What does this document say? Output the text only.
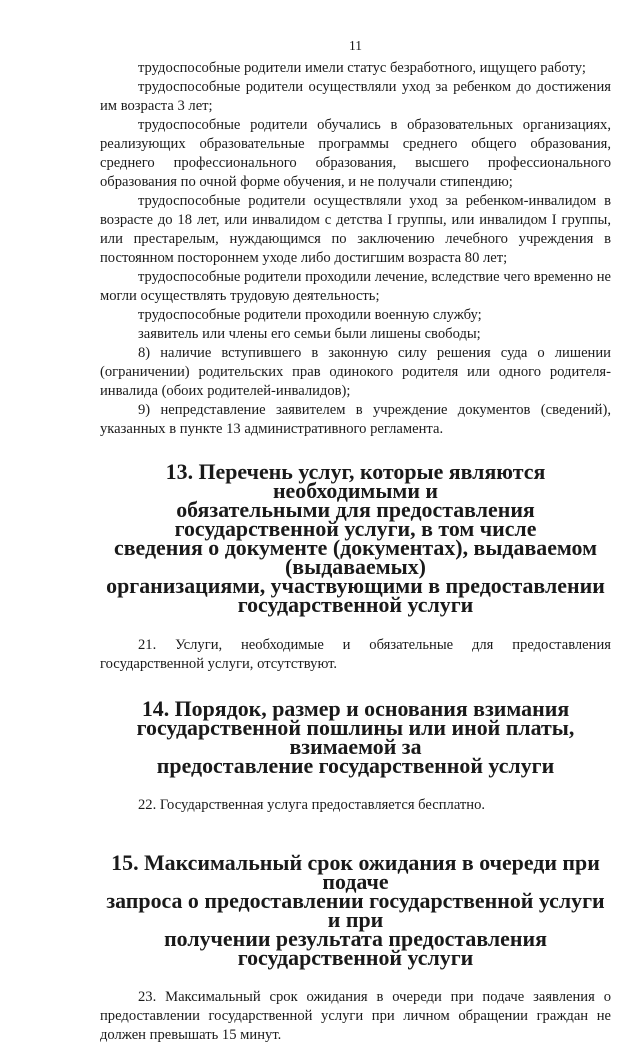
11

трудоспособные родители имели статус безработного, ищущего работу;

трудоспособные родители осуществляли уход за ребенком до достижения им возраста 3 лет;

трудоспособные родители обучались в образовательных организациях, реализующих образовательные программы среднего общего образования, среднего профессионального образования, высшего профессионального образования по очной форме обучения, и не получали стипендию;

трудоспособные родители осуществляли уход за ребенком-инвалидом в возрасте до 18 лет, или инвалидом с детства I группы, или инвалидом I группы, или престарелым, нуждающимся по заключению лечебного учреждения в постоянном постороннем уходе либо достигшим возраста 80 лет;

трудоспособные родители проходили лечение, вследствие чего временно не могли осуществлять трудовую деятельность;

трудоспособные родители проходили военную службу;

заявитель или члены его семьи были лишены свободы;

8) наличие вступившего в законную силу решения суда о лишении (ограничении) родительских прав одинокого родителя или одного родителя-инвалида (обоих родителей-инвалидов);

9) непредставление заявителем в учреждение документов (сведений), указанных в пункте 13 административного регламента.

13. Перечень услуг, которые являются необходимыми и
обязательными для предоставления государственной услуги, в том числе
сведения о документе (документах), выдаваемом (выдаваемых)
организациями, участвующими в предоставлении государственной услуги

21. Услуги, необходимые и обязательные для предоставления государственной услуги, отсутствуют.

14. Порядок, размер и основания взимания
государственной пошлины или иной платы, взимаемой за
предоставление государственной услуги

22. Государственная услуга предоставляется бесплатно.

15. Максимальный срок ожидания в очереди при подаче
запроса о предоставлении государственной услуги и при
получении результата предоставления государственной услуги

23. Максимальный срок ожидания в очереди при подаче заявления о предоставлении государственной услуги при личном обращении граждан не должен превышать 15 минут.
